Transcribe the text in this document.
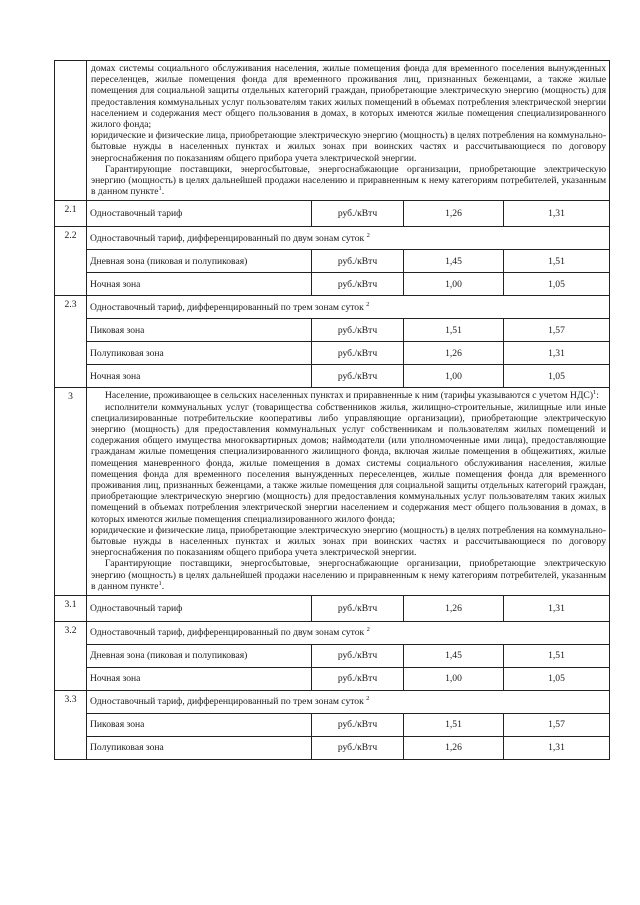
	домах системы социального обслуживания населения, жилые помещения фонда для временного поселения вынужденных переселенцев, жилые помещения фонда для временного проживания лиц, признанных беженцами, а также жилые помещения для социальной защиты отдельных категорий граждан, приобретающие электрическую энергию (мощность) для предоставления коммунальных услуг пользователям таких жилых помещений в объемах потребления электрической энергии населением и содержания мест общего пользования в домах, в которых имеются жилые помещения специализированного жилого фонда;
юридические и физические лица, приобретающие электрическую энергию (мощность) в целях потребления на коммунально-бытовые нужды в населенных пунктах и жилых зонах при воинских частях и рассчитывающиеся по договору энергоснабжения по показаниям общего прибора учета электрической энергии.
Гарантирующие поставщики, энергосбытовые, энергоснабжающие организации, приобретающие электрическую энергию (мощность) в целях дальнейшей продажи населению и приравненным к нему категориям потребителей, указанным в данном пункте$^1$.			

2.1	Одноставочный тариф	руб./кВтч	1,26	1,31
2.2	Одноставочный тариф, дифференцированный по двум зонам суток $^2$
	Дневная зона (пиковая и полупиковая)	руб./кВтч	1,45	1,51
	Ночная зона	руб./кВтч	1,00	1,05
2.3	Одноставочный тариф, дифференцированный по трем зонам суток $^2$
	Пиковая зона	руб./кВтч	1,51	1,57
	Полупиковая зона	руб./кВтч	1,26	1,31
	Ночная зона	руб./кВтч	1,00	1,05
3	Население, проживающее в сельских населенных пунктах и приравненные к ним (тарифы указываются с учетом НДС)$^1$:
исполнители коммунальных услуг (товарищества собственников жилья, жилищно-строительные, жилищные или иные специализированные потребительские кооперативы либо управляющие организации), приобретающие электрическую энергию (мощность) для предоставления коммунальных услуг собственникам и пользователям жилых помещений и содержания общего имущества многоквартирных домов; наймодатели (или уполномоченные ими лица), предоставляющие гражданам жилые помещения специализированного жилищного фонда, включая жилые помещения в общежитиях, жилые помещения маневренного фонда, жилые помещения в домах системы социального обслуживания населения, жилые помещения фонда для временного поселения вынужденных переселенцев, жилые помещения фонда для временного проживания лиц, признанных беженцами, а также жилые помещения для социальной защиты отдельных категорий граждан, приобретающие электрическую энергию (мощность) для предоставления коммунальных услуг пользователям таких жилых помещений в объемах потребления электрической энергии населением и содержания мест общего пользования в домах, в которых имеются жилые помещения специализированного жилого фонда;
юридические и физические лица, приобретающие электрическую энергию (мощность) в целях потребления на коммунально-бытовые нужды в населенных пунктах и жилых зонах при воинских частях и рассчитывающиеся по договору энергоснабжения по показаниям общего прибора учета электрической энергии.
Гарантирующие поставщики, энергосбытовые, энергоснабжающие организации, приобретающие электрическую энергию (мощность) в целях дальнейшей продажи населению и приравненным к нему категориям потребителей, указанным в данном пункте$^1$.			

3.1	Одноставочный тариф	руб./кВтч	1,26	1,31
3.2	Одноставочный тариф, дифференцированный по двум зонам суток $^2$
	Дневная зона (пиковая и полупиковая)	руб./кВтч	1,45	1,51
	Ночная зона	руб./кВтч	1,00	1,05
3.3	Одноставочный тариф, дифференцированный по трем зонам суток $^2$
	Пиковая зона	руб./кВтч	1,51	1,57
	Полупиковая зона	руб./кВтч	1,26	1,31
